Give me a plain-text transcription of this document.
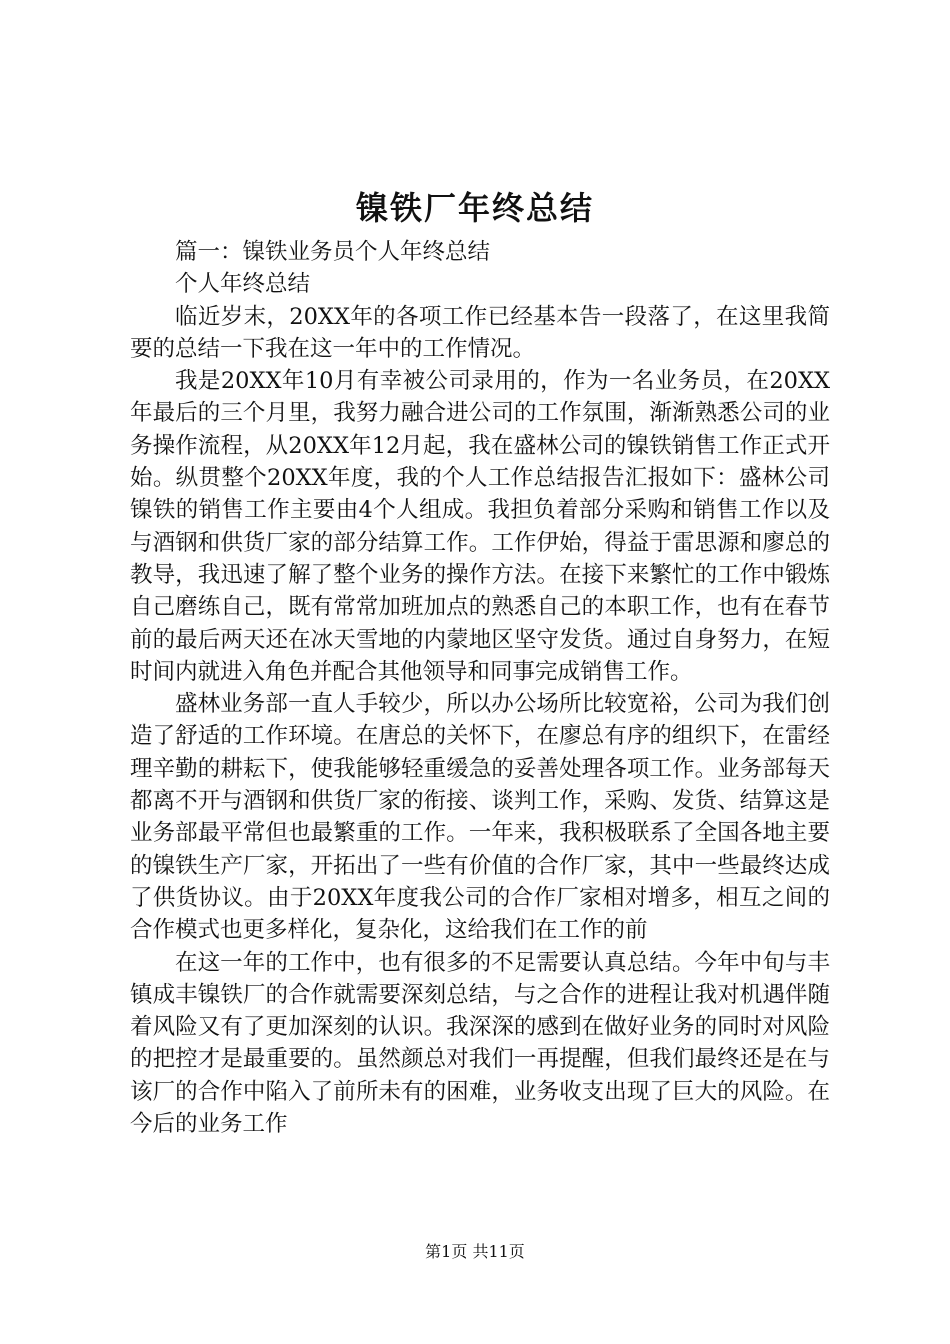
镍铁厂年终总结

篇一：镍铁业务员个人年终总结

个人年终总结

临近岁末，20XX年的各项工作已经基本告一段落了，在这里我简要的总结一下我在这一年中的工作情况。

我是20XX年10月有幸被公司录用的，作为一名业务员，在20XX年最后的三个月里，我努力融合进公司的工作氛围，渐渐熟悉公司的业务操作流程，从20XX年12月起，我在盛林公司的镍铁销售工作正式开始。纵贯整个20XX年度，我的个人工作总结报告汇报如下：盛林公司镍铁的销售工作主要由4个人组成。我担负着部分采购和销售工作以及与酒钢和供货厂家的部分结算工作。工作伊始，得益于雷思源和廖总的教导，我迅速了解了整个业务的操作方法。在接下来繁忙的工作中锻炼自己磨练自己，既有常常加班加点的熟悉自己的本职工作，也有在春节前的最后两天还在冰天雪地的内蒙地区坚守发货。通过自身努力，在短时间内就进入角色并配合其他领导和同事完成销售工作。

盛林业务部一直人手较少，所以办公场所比较宽裕，公司为我们创造了舒适的工作环境。在唐总的关怀下，在廖总有序的组织下，在雷经理辛勤的耕耘下，使我能够轻重缓急的妥善处理各项工作。业务部每天都离不开与酒钢和供货厂家的衔接、谈判工作，采购、发货、结算这是业务部最平常但也最繁重的工作。一年来，我积极联系了全国各地主要的镍铁生产厂家，开拓出了一些有价值的合作厂家，其中一些最终达成了供货协议。由于20XX年度我公司的合作厂家相对增多，相互之间的合作模式也更多样化，复杂化，这给我们在工作的前

在这一年的工作中，也有很多的不足需要认真总结。今年中旬与丰镇成丰镍铁厂的合作就需要深刻总结，与之合作的进程让我对机遇伴随着风险又有了更加深刻的认识。我深深的感到在做好业务的同时对风险的把控才是最重要的。虽然颜总对我们一再提醒，但我们最终还是在与该厂的合作中陷入了前所未有的困难，业务收支出现了巨大的风险。在今后的业务工作

第1页 共11页
